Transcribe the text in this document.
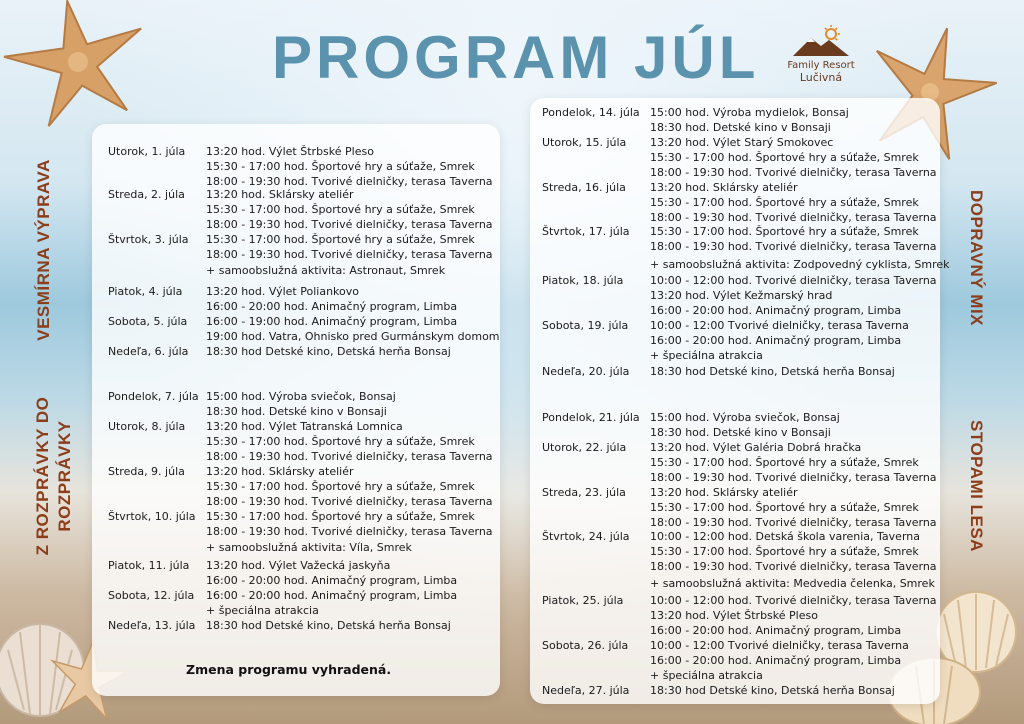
PROGRAM JÚL	Family Resort
Lučivná
Utorok, 1. júla 13:20 hod. Výlet Štrbské Pleso
15:30 - 17:00 hod. Športové hry a súťaže, Smrek
18:00 - 19:30 hod. Tvorivé dielničky, terasa Taverna
Streda, 2. júla 13:20 hod. Sklársky ateliér
15:30 - 17:00 hod. Športové hry a súťaže, Smrek
18:00 - 19:30 hod. Tvorivé dielničky, terasa Taverna
Štvrtok, 3. júla 15:30 - 17:00 hod. Športové hry a súťaže, Smrek
18:00 - 19:30 hod. Tvorivé dielničky, terasa Taverna
+ samoobslužná aktivita: Astronaut, Smrek
Piatok, 4. júla 13:20 hod. Výlet Poliankovo
16:00 - 20:00 hod. Animačný program, Limba
Sobota, 5. júla 16:00 - 19:00 hod. Animačný program, Limba
19:00 hod. Vatra, Ohnisko pred Gurmánskym domom
Nedeľa, 6. júla 18:30 hod Detské kino, Detská herňa Bonsaj
Pondelok, 7. júla 15:00 hod. Výroba sviečok, Bonsaj
18:30 hod. Detské kino v Bonsaji
Utorok, 8. júla 13:20 hod. Výlet Tatranská Lomnica
15:30 - 17:00 hod. Športové hry a súťaže, Smrek
18:00 - 19:30 hod. Tvorivé dielničky, terasa Taverna
Streda, 9. júla 13:20 hod. Sklársky ateliér
15:30 - 17:00 hod. Športové hry a súťaže, Smrek
18:00 - 19:30 hod. Tvorivé dielničky, terasa Taverna
Štvrtok, 10. júla 15:30 - 17:00 hod. Športové hry a súťaže, Smrek
18:00 - 19:30 hod. Tvorivé dielničky, terasa Taverna
+ samoobslužná aktivita: Víla, Smrek
Piatok, 11. júla 13:20 hod. Výlet Važecká jaskyňa
16:00 - 20:00 hod. Animačný program, Limba
Sobota, 12. júla 16:00 - 20:00 hod. Animačný program, Limba
+ špeciálna atrakcia
Nedeľa, 13. júla 18:30 hod Detské kino, Detská herňa Bonsaj
Pondelok, 14. júla 15:00 hod. Výroba mydielok, Bonsaj
18:30 hod. Detské kino v Bonsaji
Utorok, 15. júla 13:20 hod. Výlet Starý Smokovec
15:30 - 17:00 hod. Športové hry a súťaže, Smrek
18:00 - 19:30 hod. Tvorivé dielničky, terasa Taverna
Streda, 16. júla 13:20 hod. Sklársky ateliér
15:30 - 17:00 hod. Športové hry a súťaže, Smrek
18:00 - 19:30 hod. Tvorivé dielničky, terasa Taverna
Štvrtok, 17. júla 15:30 - 17:00 hod. Športové hry a súťaže, Smrek
18:00 - 19:30 hod. Tvorivé dielničky, terasa Taverna
+ samoobslužná aktivita: Zodpovedný cyklista, Smrek
Piatok, 18. júla 10:00 - 12:00 hod. Tvorivé dielničky, terasa Taverna
13:20 hod. Výlet Kežmarský hrad
16:00 - 20:00 hod. Animačný program, Limba
Sobota, 19. júla 10:00 - 12:00 Tvorivé dielničky, terasa Taverna
16:00 - 20:00 hod. Animačný program, Limba
+ špeciálna atrakcia
Nedeľa, 20. júla 18:30 hod Detské kino, Detská herňa Bonsaj
Pondelok, 21. júla 15:00 hod. Výroba sviečok, Bonsaj
18:30 hod. Detské kino v Bonsaji
Utorok, 22. júla 13:20 hod. Výlet Galéria Dobrá hračka
15:30 - 17:00 hod. Športové hry a súťaže, Smrek
18:00 - 19:30 hod. Tvorivé dielničky, terasa Taverna
Streda, 23. júla 13:20 hod. Sklársky ateliér
15:30 - 17:00 hod. Športové hry a súťaže, Smrek
18:00 - 19:30 hod. Tvorivé dielničky, terasa Taverna
Štvrtok, 24. júla 10:00 - 12:00 hod. Detská škola varenia, Taverna
15:30 - 17:00 hod. Športové hry a súťaže, Smrek
18:00 - 19:30 hod. Tvorivé dielničky, terasa Taverna
+ samoobslužná aktivita: Medvedia čelenka, Smrek
Piatok, 25. júla 10:00 - 12:00 hod. Tvorivé dielničky, terasa Taverna
13:20 hod. Výlet Štrbské Pleso
16:00 - 20:00 hod. Animačný program, Limba
Sobota, 26. júla 10:00 - 12:00 Tvorivé dielničky, terasa Taverna
16:00 - 20:00 hod. Animačný program, Limba
+ špeciálna atrakcia
Nedeľa, 27. júla 18:30 hod Detské kino, Detská herňa Bonsaj
Zmena programu vyhradená.
VESMÍRNA VÝPRAVA
Z ROZPRÁVKY DO ROZPRÁVKY
DOPRAVNÝ MIX
STOPAMI LESA
